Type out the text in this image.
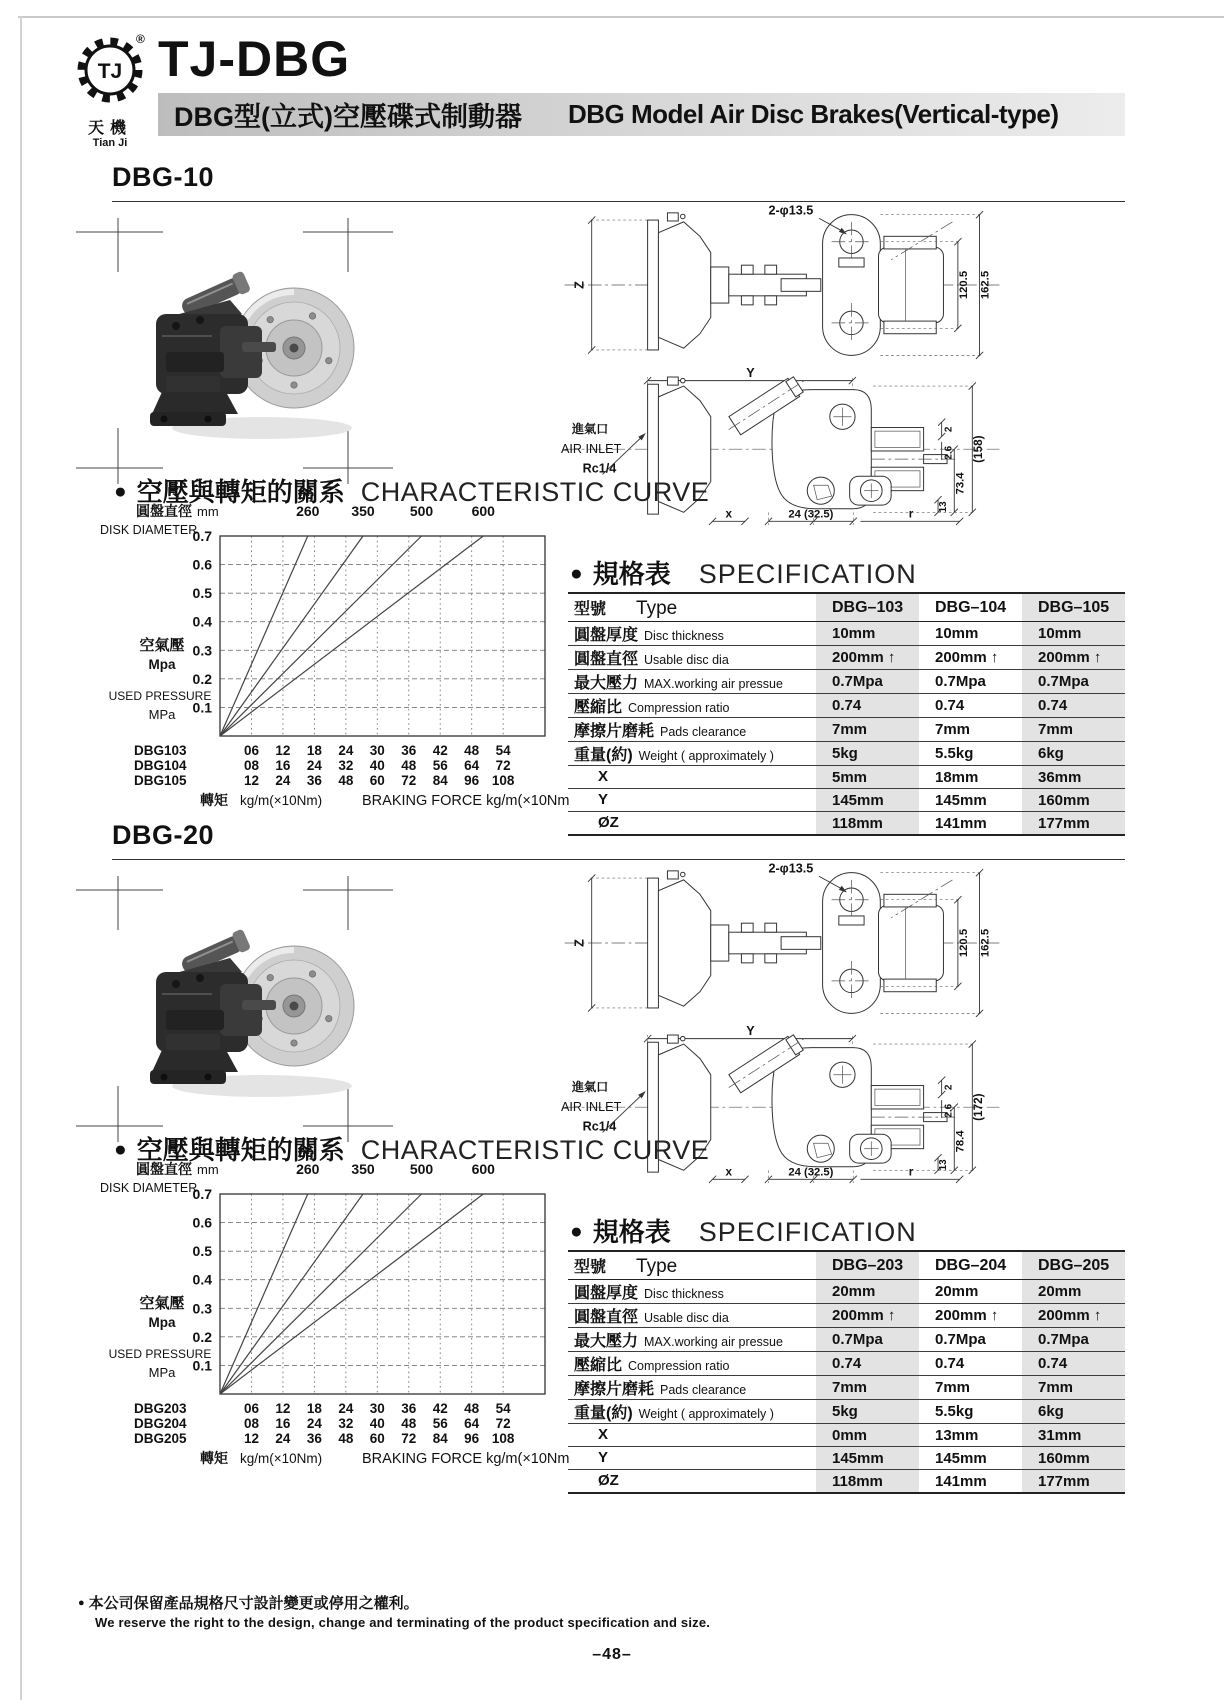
TJ
®
天機
Tian Ji
TJ-DBG
DBG型(立式)空壓碟式制動器 DBG Model Air Disc Brakes(Vertical-type)
DBG-10
Z	120.5 162.5
2-φ13.5
Y
進氣口
AIR INLET
Rc1/4
2
2.6 (158)
73.4
13
x	24 (32.5)	r
● 空壓與轉矩的關系 CHARACTERISTIC CURVE
圓盤直徑 mm
DISK DIAMETER
260 350	500	600
0.7
0.6
0.5
0.4
0.3
0.2
0.1
空氣壓
Mpa
USED PRESSURE
MPa
DBG103	06 12 18 24 30 36 42 48 54
DBG104	08 16 24 32 40 48 56 64 72
DBG105	12 24 36 48 60 72 84 96 108
轉矩 kg/m(×10Nm)	BRAKING FORCE kg/m(×10Nm)
● 規格表 SPECIFICATION
型號 Type	DBG–103	DBG–104	DBG–105
圓盤厚度 Disc thickness	10mm	10mm	10mm
圓盤直徑 Usable disc dia	200mm ↑	200mm ↑	200mm ↑
最大壓力 MAX.working air pressue	0.7Mpa	0.7Mpa	0.7Mpa
壓縮比 Compression ratio	0.74	0.74	0.74
摩擦片磨耗 Pads clearance	7mm	7mm	7mm
重量(約) Weight ( approximately )	5kg	5.5kg	6kg
X	5mm	18mm	36mm
Y	145mm	145mm	160mm
ØZ	118mm	141mm	177mm
DBG-20
Z	120.5 162.5
2-φ13.5
Y
進氣口
AIR INLET
Rc1/4
2
2.6 (172)
78.4
13
x	24 (32.5)	r
● 空壓與轉矩的關系 CHARACTERISTIC CURVE
圓盤直徑 mm
DISK DIAMETER
260 350	500	600
0.7
0.6
0.5
0.4
0.3
0.2
0.1
空氣壓
Mpa
USED PRESSURE
MPa
DBG203	06 12 18 24 30 36 42 48 54
DBG204	08 16 24 32 40 48 56 64 72
DBG205	12 24 36 48 60 72 84 96 108
轉矩 kg/m(×10Nm)	BRAKING FORCE kg/m(×10Nm)
● 規格表 SPECIFICATION
型號 Type	DBG–203	DBG–204	DBG–205
圓盤厚度 Disc thickness	20mm	20mm	20mm
圓盤直徑 Usable disc dia	200mm ↑	200mm ↑	200mm ↑
最大壓力 MAX.working air pressue	0.7Mpa	0.7Mpa	0.7Mpa
壓縮比 Compression ratio	0.74	0.74	0.74
摩擦片磨耗 Pads clearance	7mm	7mm	7mm
重量(約) Weight ( approximately )	5kg	5.5kg	6kg
X	0mm	13mm	31mm
Y	145mm	145mm	160mm
ØZ	118mm	141mm	177mm
● 本公司保留產品規格尺寸設計變更或停用之權利。
We reserve the right to the design, change and terminating of the product specification and size.
–48–
